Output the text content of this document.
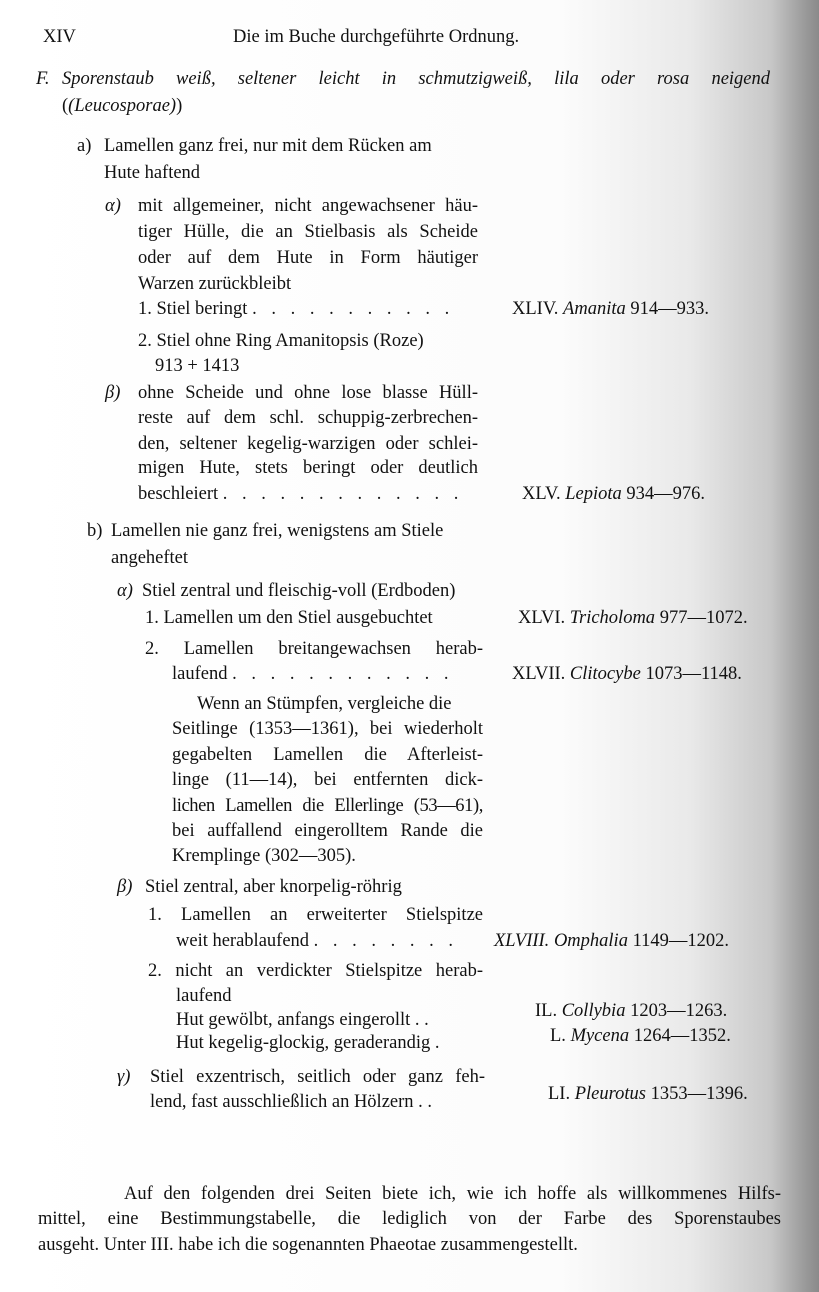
XIV	Die im Buche durchgeführte Ordnung.
F. Sporenstaub weiß, seltener leicht in schmutzigweiß, lila oder rosa neigend
((Leucosporae))
a) Lamellen ganz frei, nur mit dem Rücken am
Hute haftend
α) mit allgemeiner, nicht angewachsener häu-
tiger Hülle, die an Stielbasis als Scheide
oder auf dem Hute in Form häutiger
Warzen zurückbleibt
1. Stiel beringt . . . . . . . . . . .	XLIV. Amanita 914—933.
2. Stiel ohne Ring Amanitopsis (Roze)
913 + 1413
β) ohne Scheide und ohne lose blasse Hüll-
reste auf dem schl. schuppig-zerbrechen-
den, seltener kegelig-warzigen oder schlei-
migen Hute, stets beringt oder deutlich
beschleiert . . . . . . . . . . . . .	XLV. Lepiota 934—976.
b) Lamellen nie ganz frei, wenigstens am Stiele
angeheftet
α) Stiel zentral und fleischig-voll (Erdboden)
1. Lamellen um den Stiel ausgebuchtet	XLVI. Tricholoma 977—1072.
2. Lamellen breitangewachsen herab-
laufend . . . . . . . . . . . .	XLVII. Clitocybe 1073—1148.
Wenn an Stümpfen, vergleiche die
Seitlinge (1353—1361), bei wiederholt
gegabelten Lamellen die Afterleist-
linge (11—14), bei entfernten dick-
lichen Lamellen die Ellerlinge (53—61),
bei auffallend eingerolltem Rande die
Kremplinge (302—305).
β) Stiel zentral, aber knorpelig-röhrig
1. Lamellen an erweiterter Stielspitze
weit herablaufend . . . . . . . . XLVIII. Omphalia 1149—1202.
2. nicht an verdickter Stielspitze herab-
laufend
Hut gewölbt, anfangs eingerollt . .	IL. Collybia 1203—1263.
Hut kegelig-glockig, geraderandig .	L. Mycena 1264—1352.
γ) Stiel exzentrisch, seitlich oder ganz feh-
lend, fast ausschließlich an Hölzern . .	LI. Pleurotus 1353—1396.
Auf den folgenden drei Seiten biete ich, wie ich hoffe als willkommenes Hilfs-
mittel, eine Bestimmungstabelle, die lediglich von der Farbe des Sporenstaubes
ausgeht. Unter III. habe ich die sogenannten Phaeotae zusammengestellt.
